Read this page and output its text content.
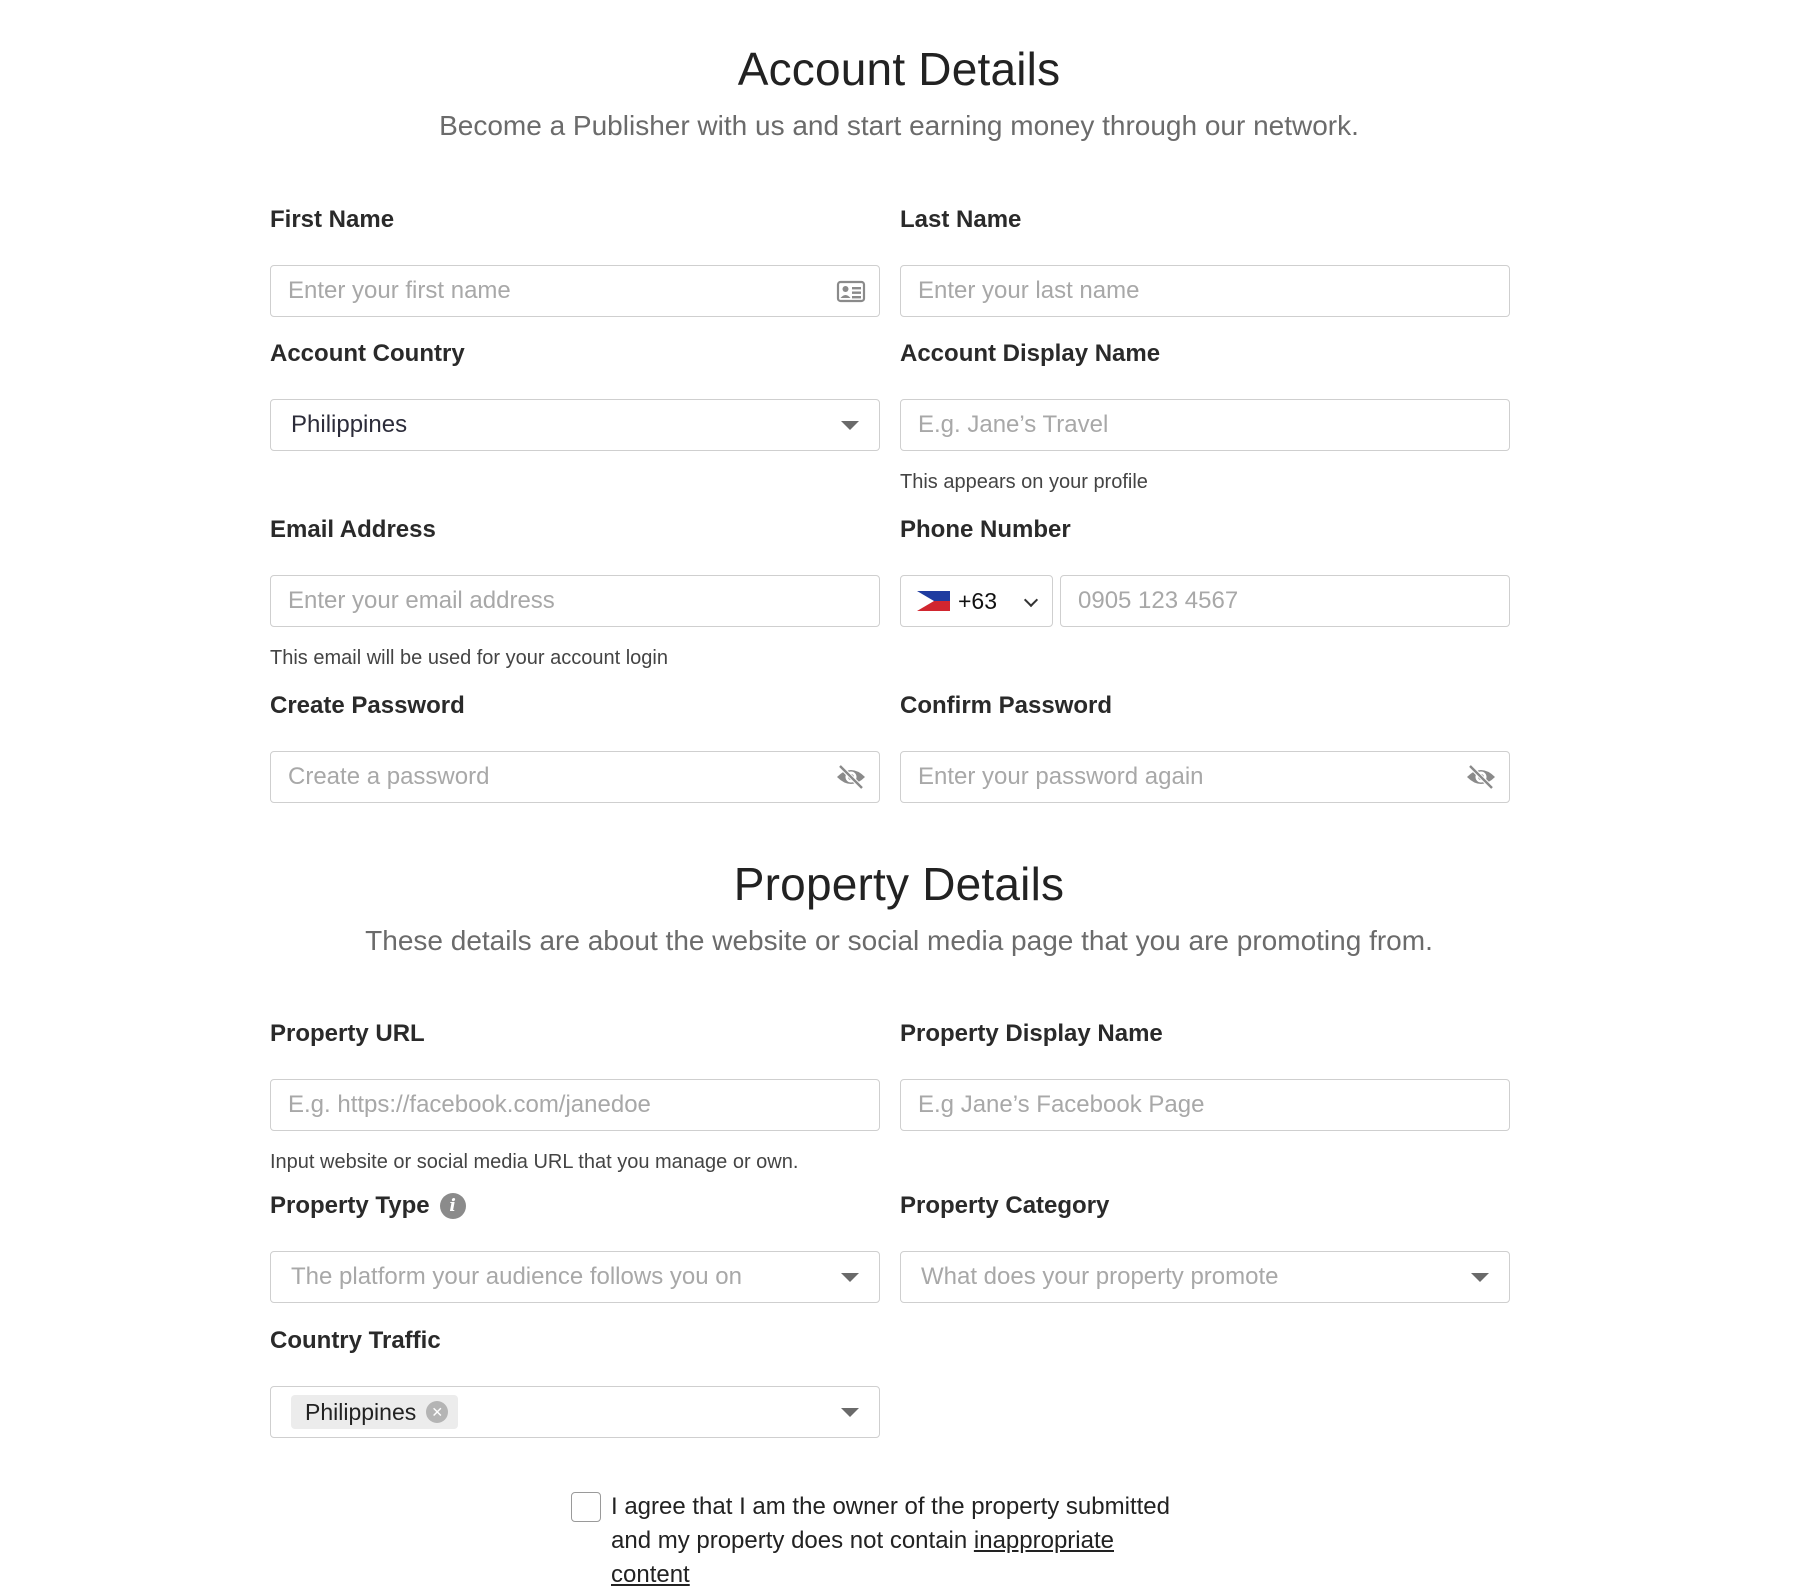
Account Details
Become a Publisher with us and start earning money through our network.
First Name
Enter your first name
Last Name
Enter your last name
Account Country
Philippines
Account Display Name
E.g. Jane’s Travel
This appears on your profile
Email Address
Enter your email address
This email will be used for your account login
Phone Number
+63	0905 123 4567
Create Password
Create a password
Confirm Password
Enter your password again
Property Details
These details are about the website or social media page that you are promoting from.
Property URL
E.g. https://facebook.com/janedoe
Input website or social media URL that you manage or own.
Property Display Name
E.g Jane’s Facebook Page
Property Type	i
The platform your audience follows you on
Property Category
What does your property promote
Country Traffic
Philippines	✕
I agree that I am the owner of the property submitted and my property does not contain inappropriate content
